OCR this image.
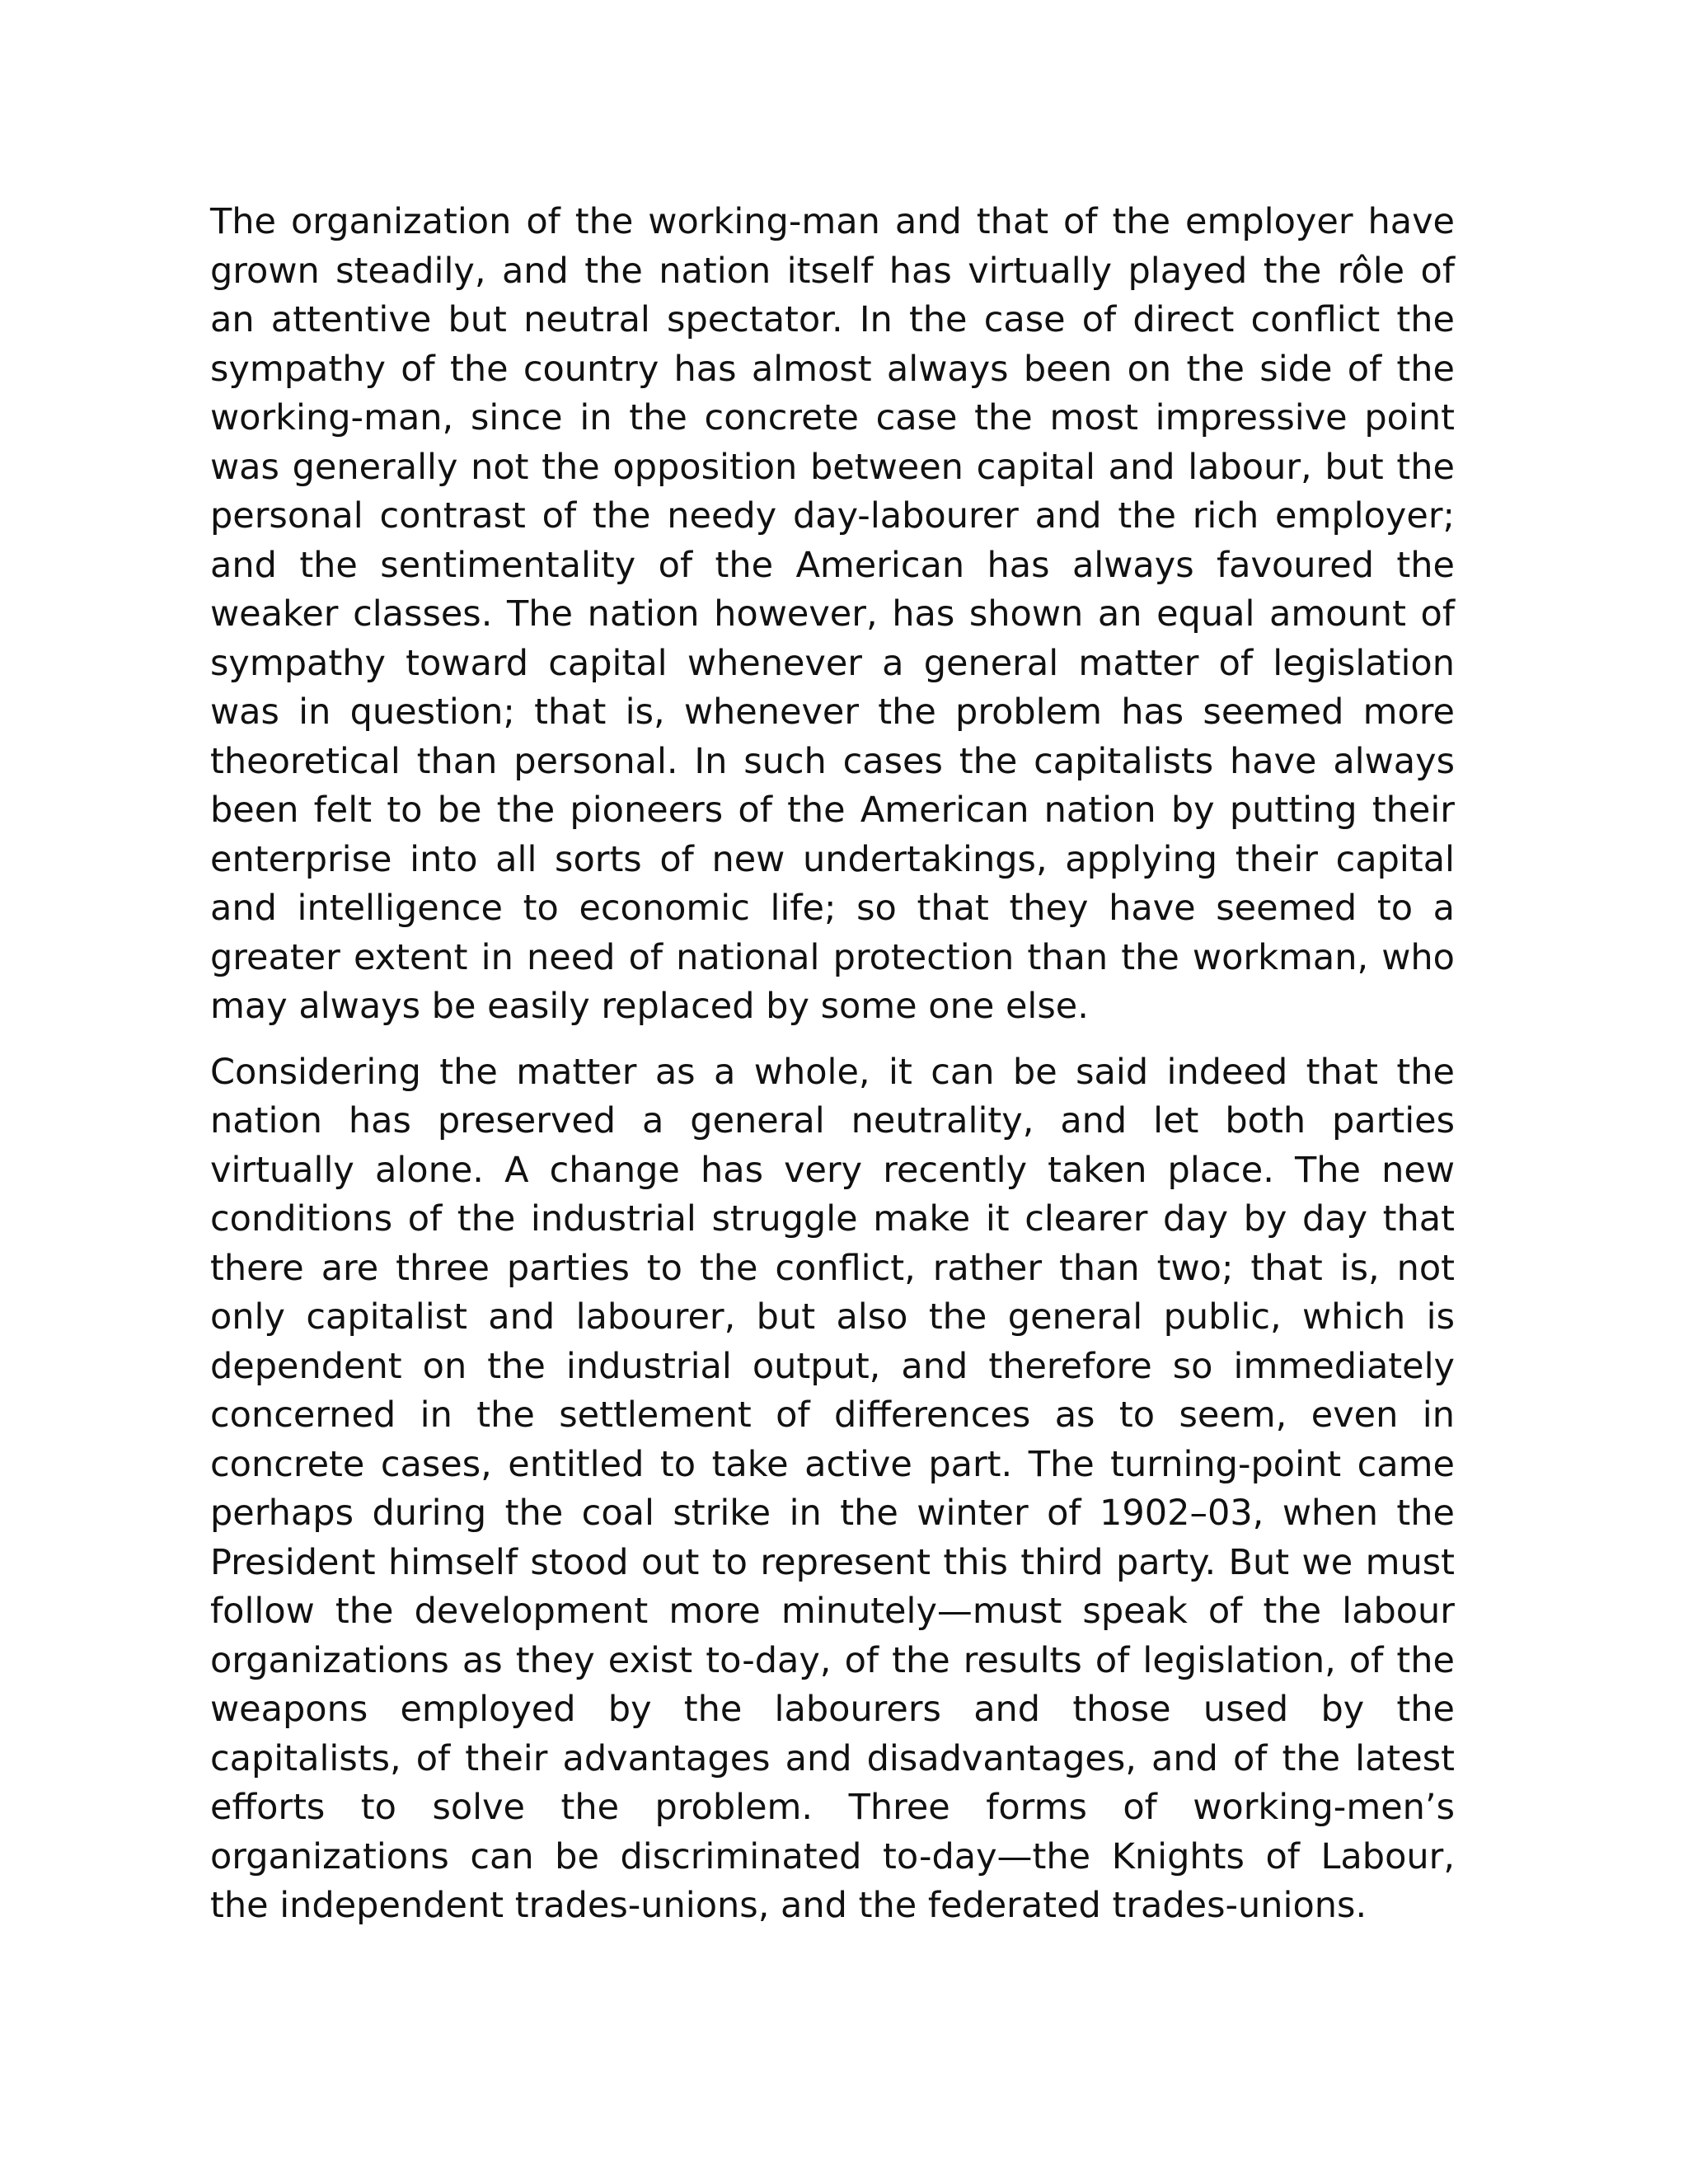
The organization of the working-man and that of the employer have grown steadily, and the nation itself has virtually played the rôle of an attentive but neutral spectator. In the case of direct conflict the sympathy of the country has almost always been on the side of the working-man, since in the concrete case the most impressive point was generally not the opposition between capital and labour, but the personal contrast of the needy day-labourer and the rich employer; and the sentimentality of the American has always favoured the weaker classes. The nation however, has shown an equal amount of sympathy toward capital whenever a general matter of legislation was in question; that is, whenever the problem has seemed more theoretical than personal. In such cases the capitalists have always been felt to be the pioneers of the American nation by putting their enterprise into all sorts of new undertakings, applying their capital and intelligence to economic life; so that they have seemed to a greater extent in need of national protection than the workman, who may always be easily replaced by some one else.

Considering the matter as a whole, it can be said indeed that the nation has preserved a general neutrality, and let both parties virtually alone. A change has very recently taken place. The new conditions of the industrial struggle make it clearer day by day that there are three parties to the conflict, rather than two; that is, not only capitalist and labourer, but also the general public, which is dependent on the industrial output, and therefore so immediately concerned in the settlement of differences as to seem, even in concrete cases, entitled to take active part. The turning-point came perhaps during the coal strike in the winter of 1902–03, when the President himself stood out to represent this third party. But we must follow the development more minutely—must speak of the labour organizations as they exist to-day, of the results of legislation, of the weapons employed by the labourers and those used by the capitalists, of their advantages and disadvantages, and of the latest efforts to solve the problem. Three forms of working-men’s organizations can be discriminated to-day—the Knights of Labour, the independent trades-unions, and the federated trades-unions.
